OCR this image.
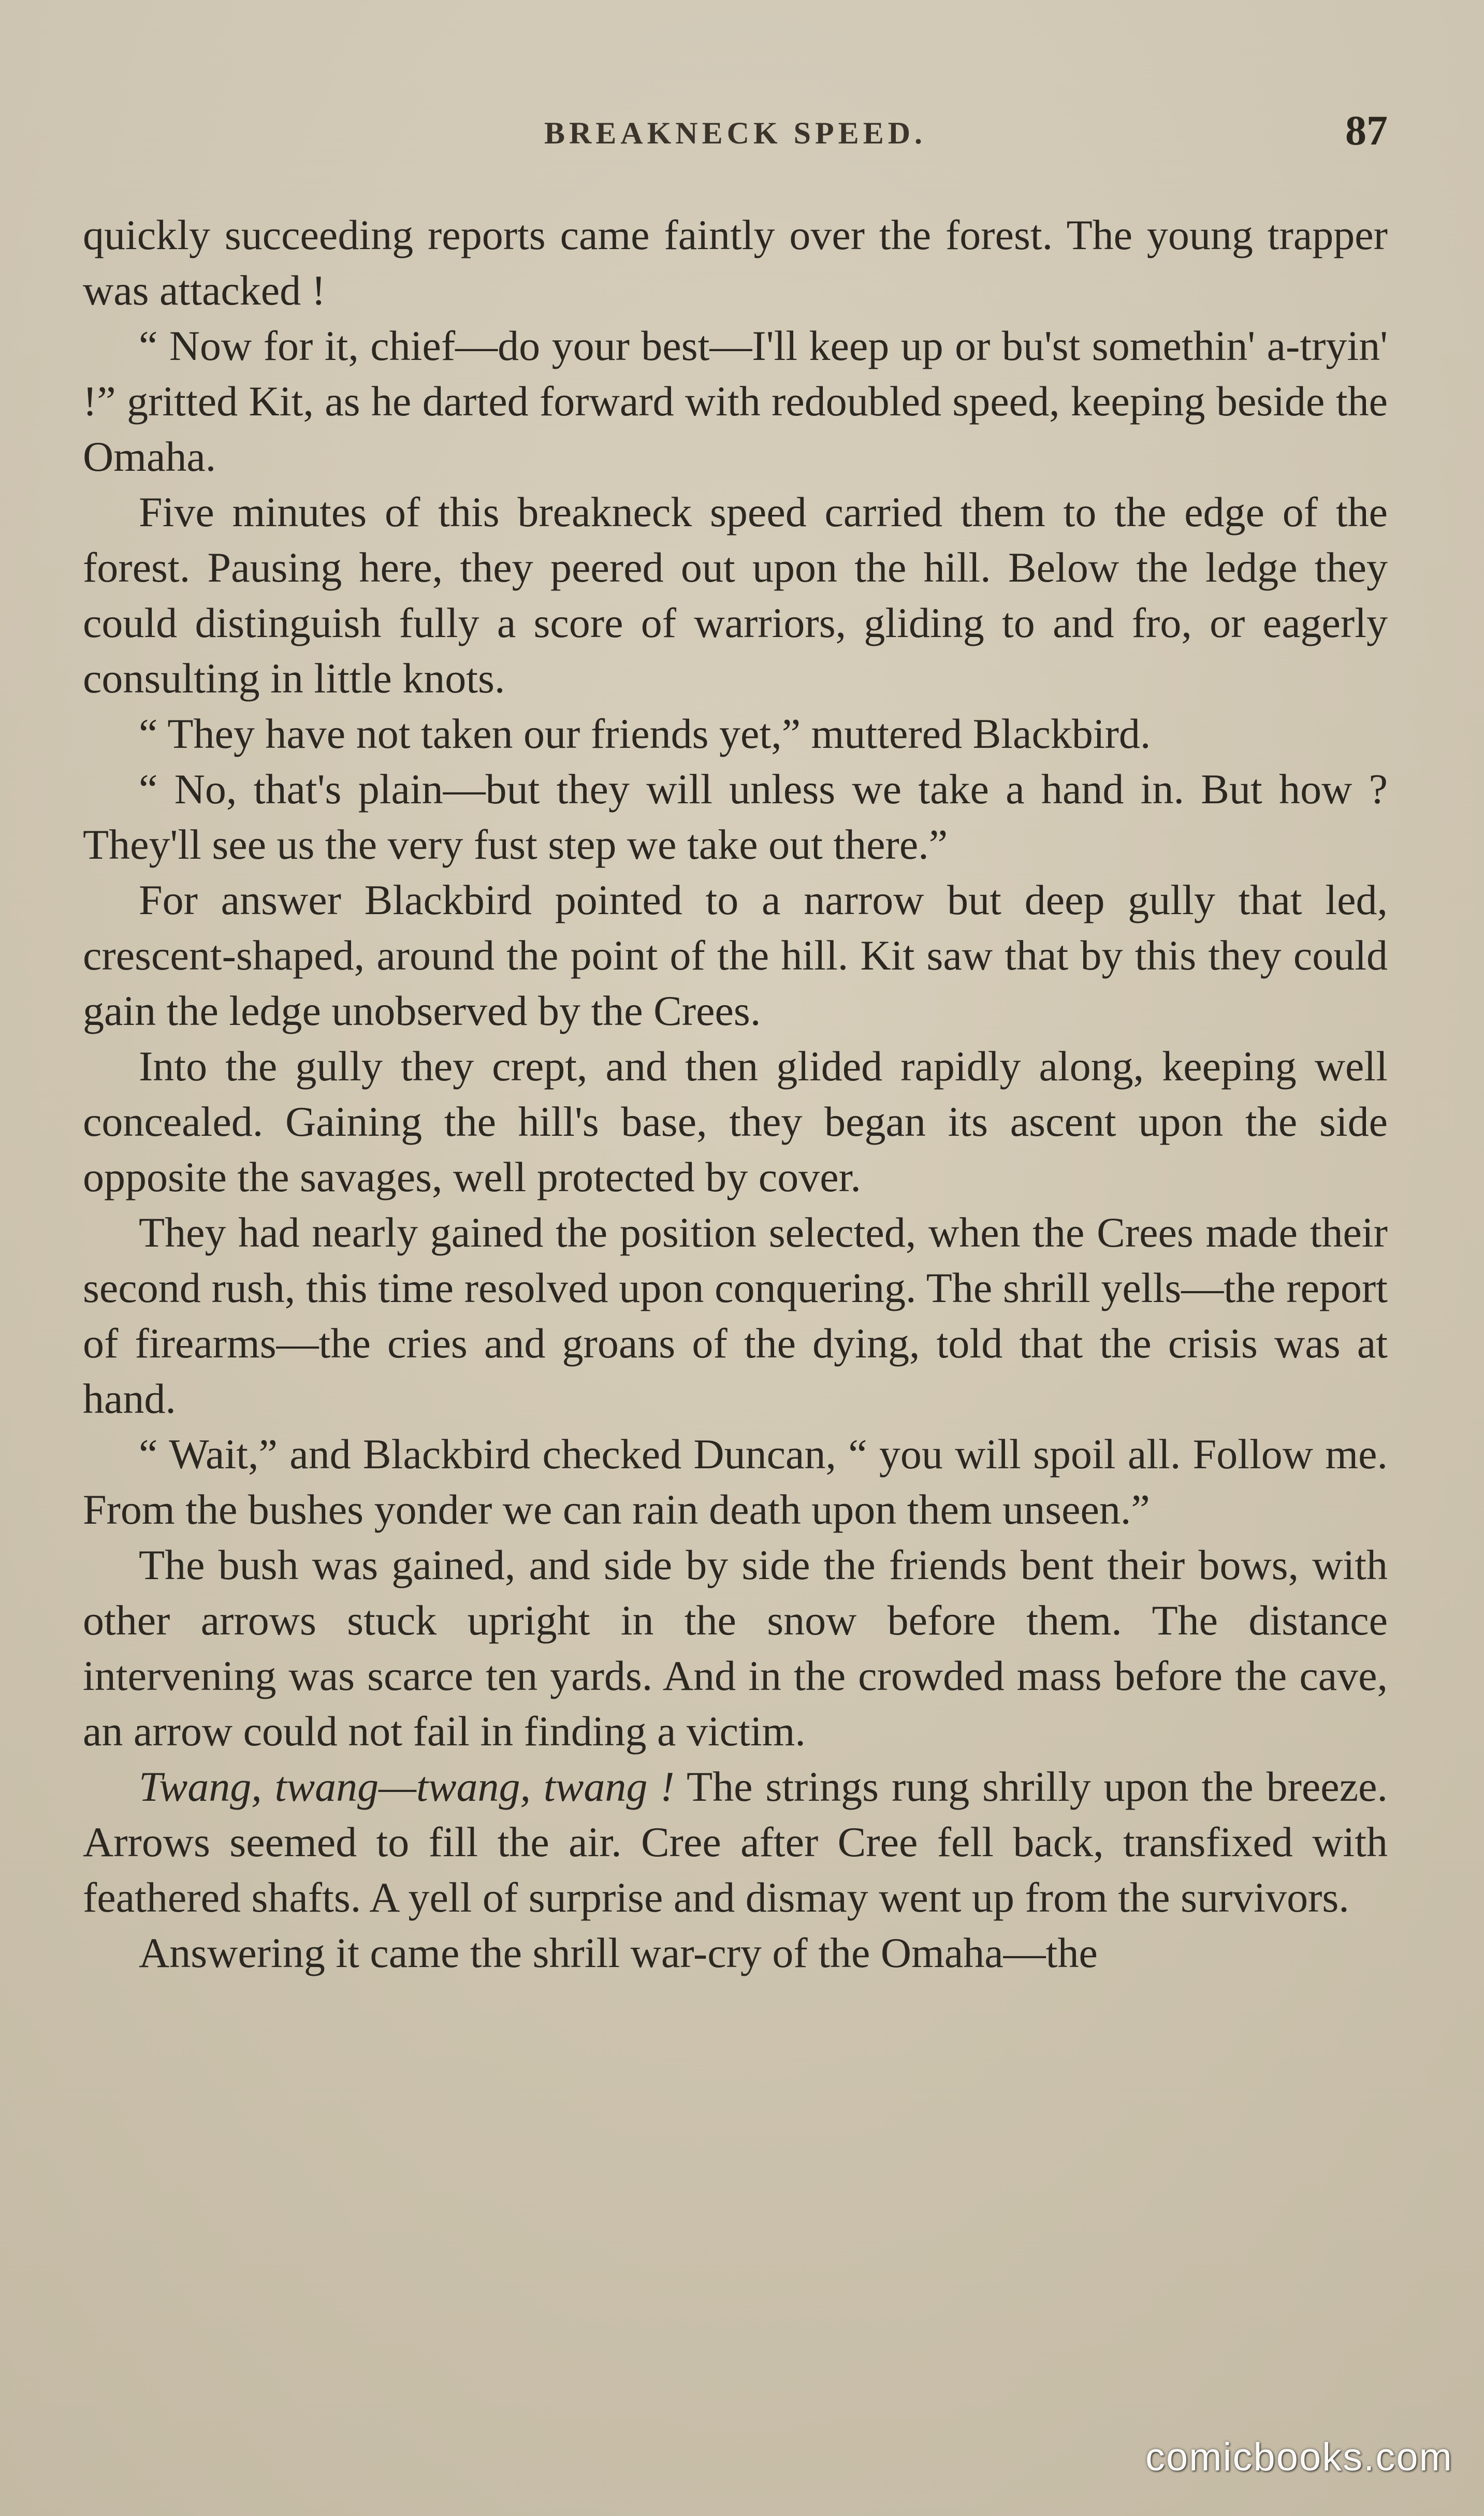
BREAKNECK SPEED.	87

quickly succeeding reports came faintly over the forest. The young trapper was attacked !

“ Now for it, chief—do your best—I'll keep up or bu'st somethin' a-tryin' !” gritted Kit, as he darted forward with redoubled speed, keeping beside the Omaha.

Five minutes of this breakneck speed carried them to the edge of the forest. Pausing here, they peered out upon the hill. Below the ledge they could distinguish fully a score of warriors, gliding to and fro, or eagerly consulting in little knots.

“ They have not taken our friends yet,” muttered Blackbird.

“ No, that's plain—but they will unless we take a hand in. But how ? They'll see us the very fust step we take out there.”

For answer Blackbird pointed to a narrow but deep gully that led, crescent-shaped, around the point of the hill. Kit saw that by this they could gain the ledge unobserved by the Crees.

Into the gully they crept, and then glided rapidly along, keeping well concealed. Gaining the hill's base, they began its ascent upon the side opposite the savages, well protected by cover.

They had nearly gained the position selected, when the Crees made their second rush, this time resolved upon conquering. The shrill yells—the report of firearms—the cries and groans of the dying, told that the crisis was at hand.

“ Wait,” and Blackbird checked Duncan, “ you will spoil all. Follow me. From the bushes yonder we can rain death upon them unseen.”

The bush was gained, and side by side the friends bent their bows, with other arrows stuck upright in the snow before them. The distance intervening was scarce ten yards. And in the crowded mass before the cave, an arrow could not fail in finding a victim.

Twang, twang—twang, twang ! The strings rung shrilly upon the breeze. Arrows seemed to fill the air. Cree after Cree fell back, transfixed with feathered shafts. A yell of surprise and dismay went up from the survivors.

Answering it came the shrill war-cry of the Omaha—the

comicbooks.com
